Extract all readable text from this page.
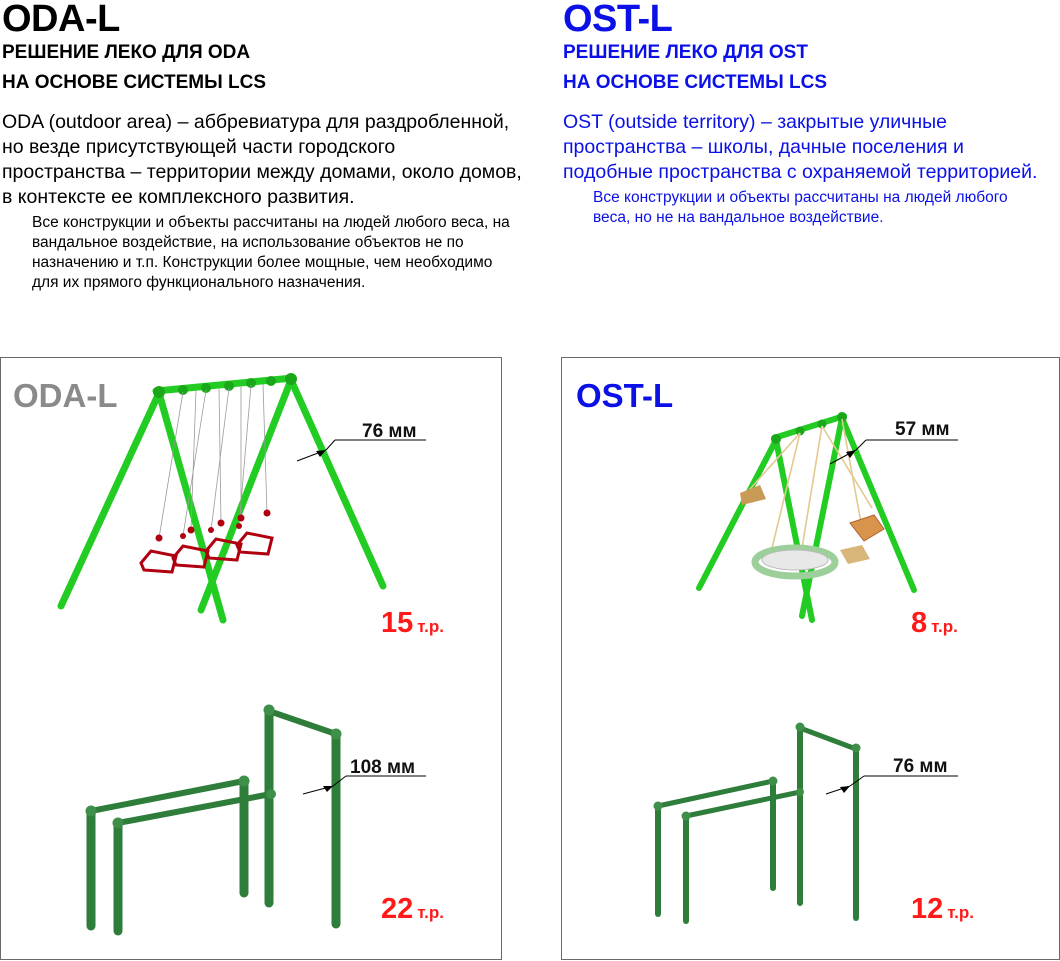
ODA-L
РЕШЕНИЕ ЛЕКО ДЛЯ ODA
НА ОСНОВЕ СИСТЕМЫ LCS
ODA (outdoor area) – аббревиатура для раздробленной, но везде присутствующей части городского пространства – территории между домами, около домов, в контексте ее комплексного развития.
Все конструкции и объекты рассчитаны на людей любого веса, на вандальное воздействие, на использование объектов не по назначению и т.п. Конструкции более мощные, чем необходимо для их прямого функционального назначения.
OST-L
РЕШЕНИЕ ЛЕКО ДЛЯ OST
НА ОСНОВЕ СИСТЕМЫ LCS
OST (outside territory) – закрытые уличные пространства – школы, дачные поселения и подобные пространства с охраняемой территорией.
Все конструкции и объекты рассчитаны на людей любого веса, но не на вандальное воздействие.
ODA-L
76 мм
15 т.р.
108 мм
22 т.р.
OST-L
57 мм
8 т.р.
76 мм
12 т.р.
